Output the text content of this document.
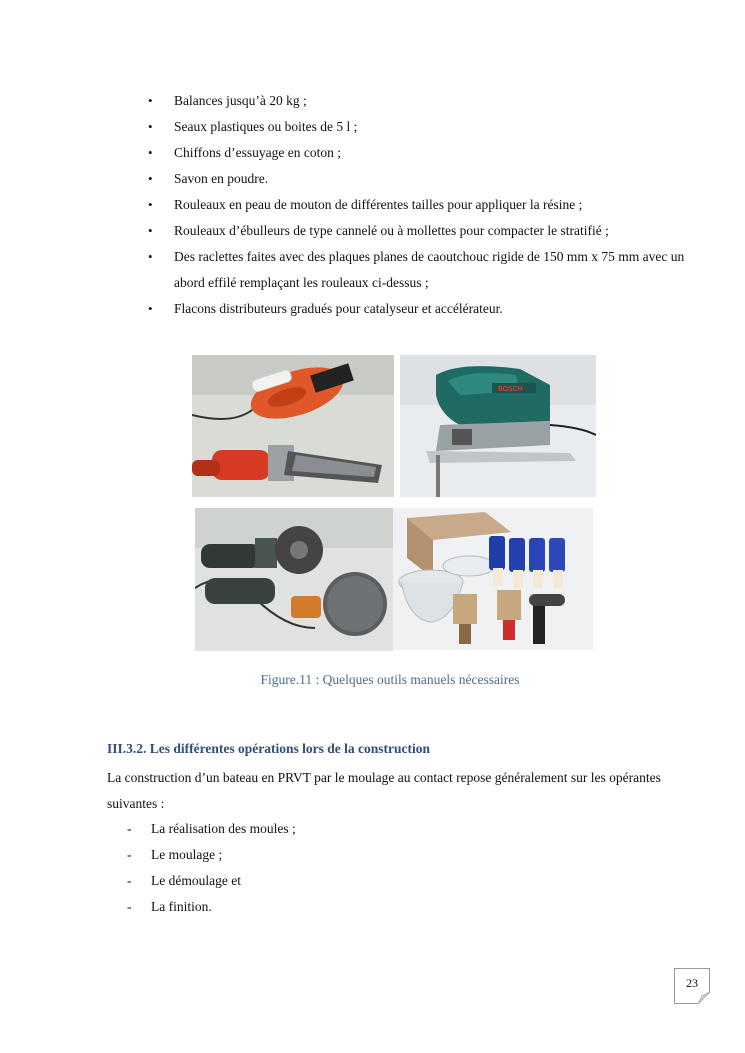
• Balances jusqu’à 20 kg ;
• Seaux plastiques ou boites de 5 l ;
• Chiffons d’essuyage en coton ;
• Savon en poudre.
• Rouleaux en peau de mouton de différentes tailles pour appliquer la résine ;
• Rouleaux d’ébulleurs de type cannelé ou à mollettes pour compacter le stratifié ;
• Des raclettes faites avec des plaques planes de caoutchouc rigide de 150 mm x 75 mm avec un abord effilé remplaçant les rouleaux ci-dessus ;
• Flacons distributeurs gradués pour catalyseur et accélérateur.
BOSCH
Figure.11 : Quelques outils manuels nécessaires
III.3.2. Les différentes opérations lors de la construction
La construction d’un bateau en PRVT par le moulage au contact repose généralement sur les opérantes suivantes :
- La réalisation des moules ;
- Le moulage ;
- Le démoulage et
- La finition.
23
